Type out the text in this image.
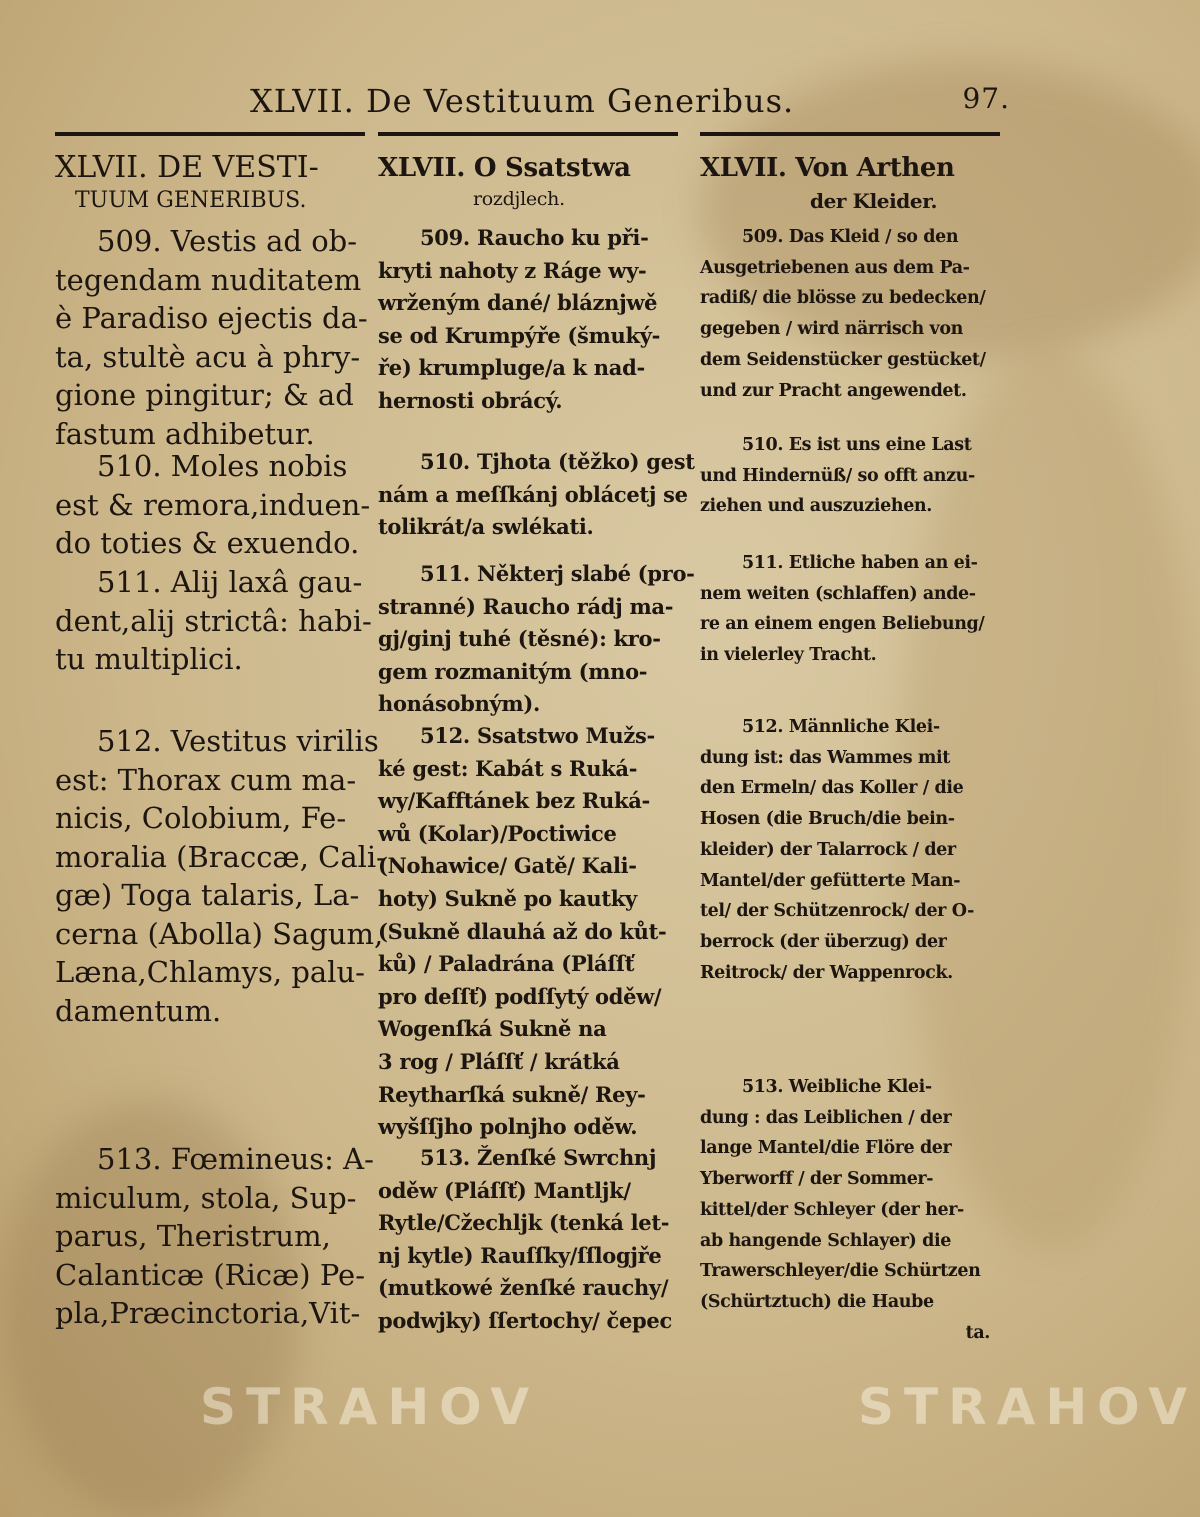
XLVII. De Vestituum Generibus.	97.
XLVII. DE VESTI-
TUUM GENERIBUS.
509. Vestis ad ob-
tegendam nuditatem
è Paradiso ejectis da-
ta, stultè acu à phry-
gione pingitur; & ad
fastum adhibetur.
510. Moles nobis
est & remora,induen-
do toties & exuendo.
511. Alij laxâ gau-
dent,alij strictâ: habi-
tu multiplici.
512. Vestitus virilis
est: Thorax cum ma-
nicis, Colobium, Fe-
moralia (Braccæ, Cali-
gæ) Toga talaris, La-
cerna (Abolla) Sagum,
Læna,Chlamys, palu-
damentum.
513. Fœmineus: A-
miculum, stola, Sup-
parus, Theristrum,
Calanticæ (Ricæ) Pe-
pla,Præcinctoria,Vit-
XLVII. O Ssatstwa
rozdjlech.
509. Raucho ku při-
kryti nahoty z Ráge wy-
wrženým dané/ bláznjwě
se od Krumpýře (šmuký-
ře) krumpluge/a k nad-
hernosti obrácý.
510. Tjhota (těžko) gest
nám a meſſkánj oblácetj se
tolikrát/a swlékati.
511. Některj slabé (pro-
stranné) Raucho rádj ma-
gj/ginj tuhé (těsné): kro-
gem rozmanitým (mno-
honásobným).
512. Ssatstwo Mužs-
ké gest: Kabát s Ruká-
wy/Kafftánek bez Ruká-
wů (Kolar)/Poctiwice
(Nohawice/ Gatě/ Kali-
hoty) Sukně po kautky
(Sukně dlauhá až do kůt-
ků) / Paladrána (Pláſſť
pro deſſť) podſſytý oděw/
Wogenſká Sukně na
3 rog / Pláſſť / krátká
Reytharſká sukně/ Rey-
wyšſſjho polnjho oděw.
513. Ženſké Swrchnj
oděw (Pláſſť) Mantljk/
Rytle/Cžechljk (tenká let-
nj kytle) Rauſſky/ſſlogjře
(mutkowé ženſké rauchy/
podwjky) ſſertochy/ čepec
XLVII. Von Arthen
der Kleider.
509. Das Kleid / so den
Ausgetriebenen aus dem Pa-
radiß/ die blösse zu bedecken/
gegeben / wird närrisch von
dem Seidenstücker gestücket/
und zur Pracht angewendet.
510. Es ist uns eine Last
und Hindernüß/ so offt anzu-
ziehen und auszuziehen.
511. Etliche haben an ei-
nem weiten (schlaffen) ande-
re an einem engen Beliebung/
in vielerley Tracht.
512. Männliche Klei-
dung ist: das Wammes mit
den Ermeln/ das Koller / die
Hosen (die Bruch/die bein-
kleider) der Talarrock / der
Mantel/der gefütterte Man-
tel/ der Schützenrock/ der O-
berrock (der überzug) der
Reitrock/ der Wappenrock.
513. Weibliche Klei-
dung : das Leiblichen / der
lange Mantel/die Flöre der
Yberworff / der Sommer-
kittel/der Schleyer (der her-
ab hangende Schlayer) die
Trawerschleyer/die Schürtzen
(Schürtztuch) die Haube
ta.
STRAHOV	STRAHOV
